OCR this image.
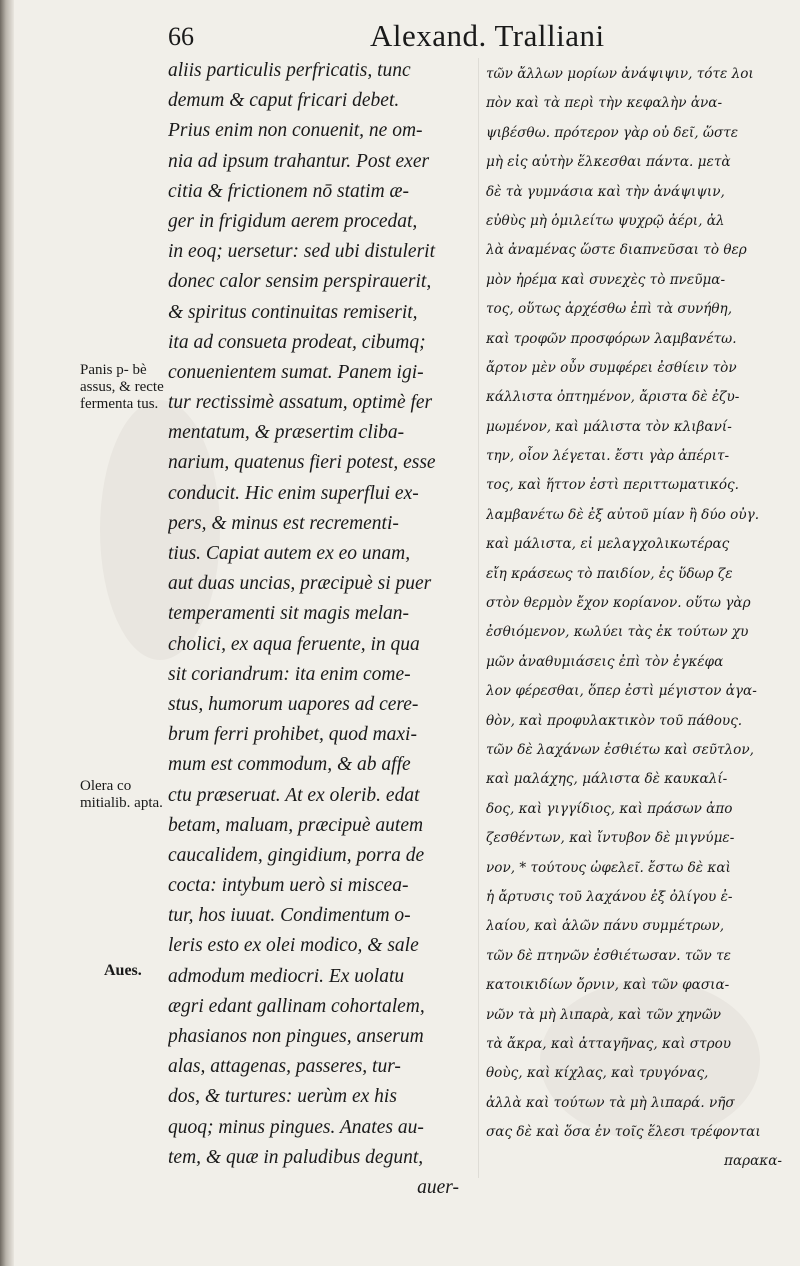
66	Alexand. Tralliani
Panis p- bè assus, & recte fermenta tus.
Olera co mitialib. apta.
Aues.
aliis particulis perfricatis, tunc
demum & caput fricari debet.
Prius enim non conuenit, ne om-
nia ad ipsum trahantur. Post exer
citia & frictionem nō statim æ-
ger in frigidum aerem procedat,
in eoq; uersetur: sed ubi distulerit
donec calor sensim perspirauerit,
& spiritus continuitas remiserit,
ita ad consueta prodeat, cibumq;
conuenientem sumat. Panem igi-
tur rectissimè assatum, optimè fer
mentatum, & præsertim cliba-
narium, quatenus fieri potest, esse
conducit. Hic enim superflui ex-
pers, & minus est recrementi-
tius. Capiat autem ex eo unam,
aut duas uncias, præcipuè si puer
temperamenti sit magis melan-
cholici, ex aqua feruente, in qua
sit coriandrum: ita enim come-
stus, humorum uapores ad cere-
brum ferri prohibet, quod maxi-
mum est commodum, & ab affe
ctu præseruat. At ex olerib. edat
betam, maluam, præcipuè autem
caucalidem, gingidium, porra de
cocta: intybum uerò si misceа-
tur, hos iuuat. Condimentum o-
leris esto ex olei modico, & sale
admodum mediocri. Ex uolatu
ægri edant gallinam cohortalem,
phasianos non pingues, anserum
alas, attagenas, passeres, tur-
dos, & turtures: uerùm ex his
quoq; minus pingues. Anates au-
tem, & quæ in paludibus degunt,
auer-
τῶν ἄλλων μορίων ἀνάψιψιν, τότε λοι
πὸν καὶ τὰ περὶ τὴν κεφαλὴν ἀνα-
ψιβέσθω. πρότερον γὰρ οὐ δεῖ, ὥστε
μὴ εἰς αὐτὴν ἕλκεσθαι πάντα. μετὰ
δὲ τὰ γυμνάσια καὶ τὴν ἀνάψιψιν,
εὐθὺς μὴ ὁμιλείτω ψυχρῷ ἀέρι, ἀλ
λὰ ἀναμένας ὥστε διαπνεῦσαι τὸ θερ
μὸν ἠρέμα καὶ συνεχὲς τὸ πνεῦμα-
τος, οὕτως ἀρχέσθω ἐπὶ τὰ συνήθη,
καὶ τροφῶν προσφόρων λαμβανέτω.
ἄρτον μὲν οὖν συμφέρει ἐσθίειν τὸν
κάλλιστα ὀπτημένον, ἄριστα δὲ ἐζυ-
μωμένον, καὶ μάλιστα τὸν κλιβανί-
την, οἷον λέγεται. ἔστι γὰρ ἀπέριτ-
τος, καὶ ἥττον ἐστὶ περιττωματικός.
λαμβανέτω δὲ ἐξ αὐτοῦ μίαν ἢ δύο οὐγ.
καὶ μάλιστα, εἰ μελαγχολικωτέρας
εἴη κράσεως τὸ παιδίον, ἐς ὕδωρ ζε
στὸν θερμὸν ἔχον κορίανον. οὕτω γὰρ
ἐσθιόμενον, κωλύει τὰς ἐκ τούτων χυ
μῶν ἀναθυμιάσεις ἐπὶ τὸν ἐγκέφα
λον φέρεσθαι, ὅπερ ἐστὶ μέγιστον ἀγα-
θὸν, καὶ προφυλακτικὸν τοῦ πάθους.
τῶν δὲ λαχάνων ἐσθιέτω καὶ σεῦτλον,
καὶ μαλάχης, μάλιστα δὲ καυκαλί-
δος, καὶ γιγγίδιος, καὶ πράσων ἀπο
ζεσθέντων, καὶ ἴντυβον δὲ μιγνύμε-
νον, * τούτους ὠφελεῖ. ἔστω δὲ καὶ
ἡ ἄρτυσις τοῦ λαχάνου ἐξ ὀλίγου ἐ-
λαίου, καὶ ἁλῶν πάνυ συμμέτρων,
τῶν δὲ πτηνῶν ἐσθιέτωσαν. τῶν τε
κατοικιδίων ὄρνιν, καὶ τῶν φασια-
νῶν τὰ μὴ λιπαρὰ, καὶ τῶν χηνῶν
τὰ ἄκρα, καὶ ἀτταγῆνας, καὶ στρου
θοὺς, καὶ κίχλας, καὶ τρυγόνας,
ἀλλὰ καὶ τούτων τὰ μὴ λιπαρά. νῆσ
σας δὲ καὶ ὅσα ἐν τοῖς ἕλεσι τρέφονται
παρακα-
